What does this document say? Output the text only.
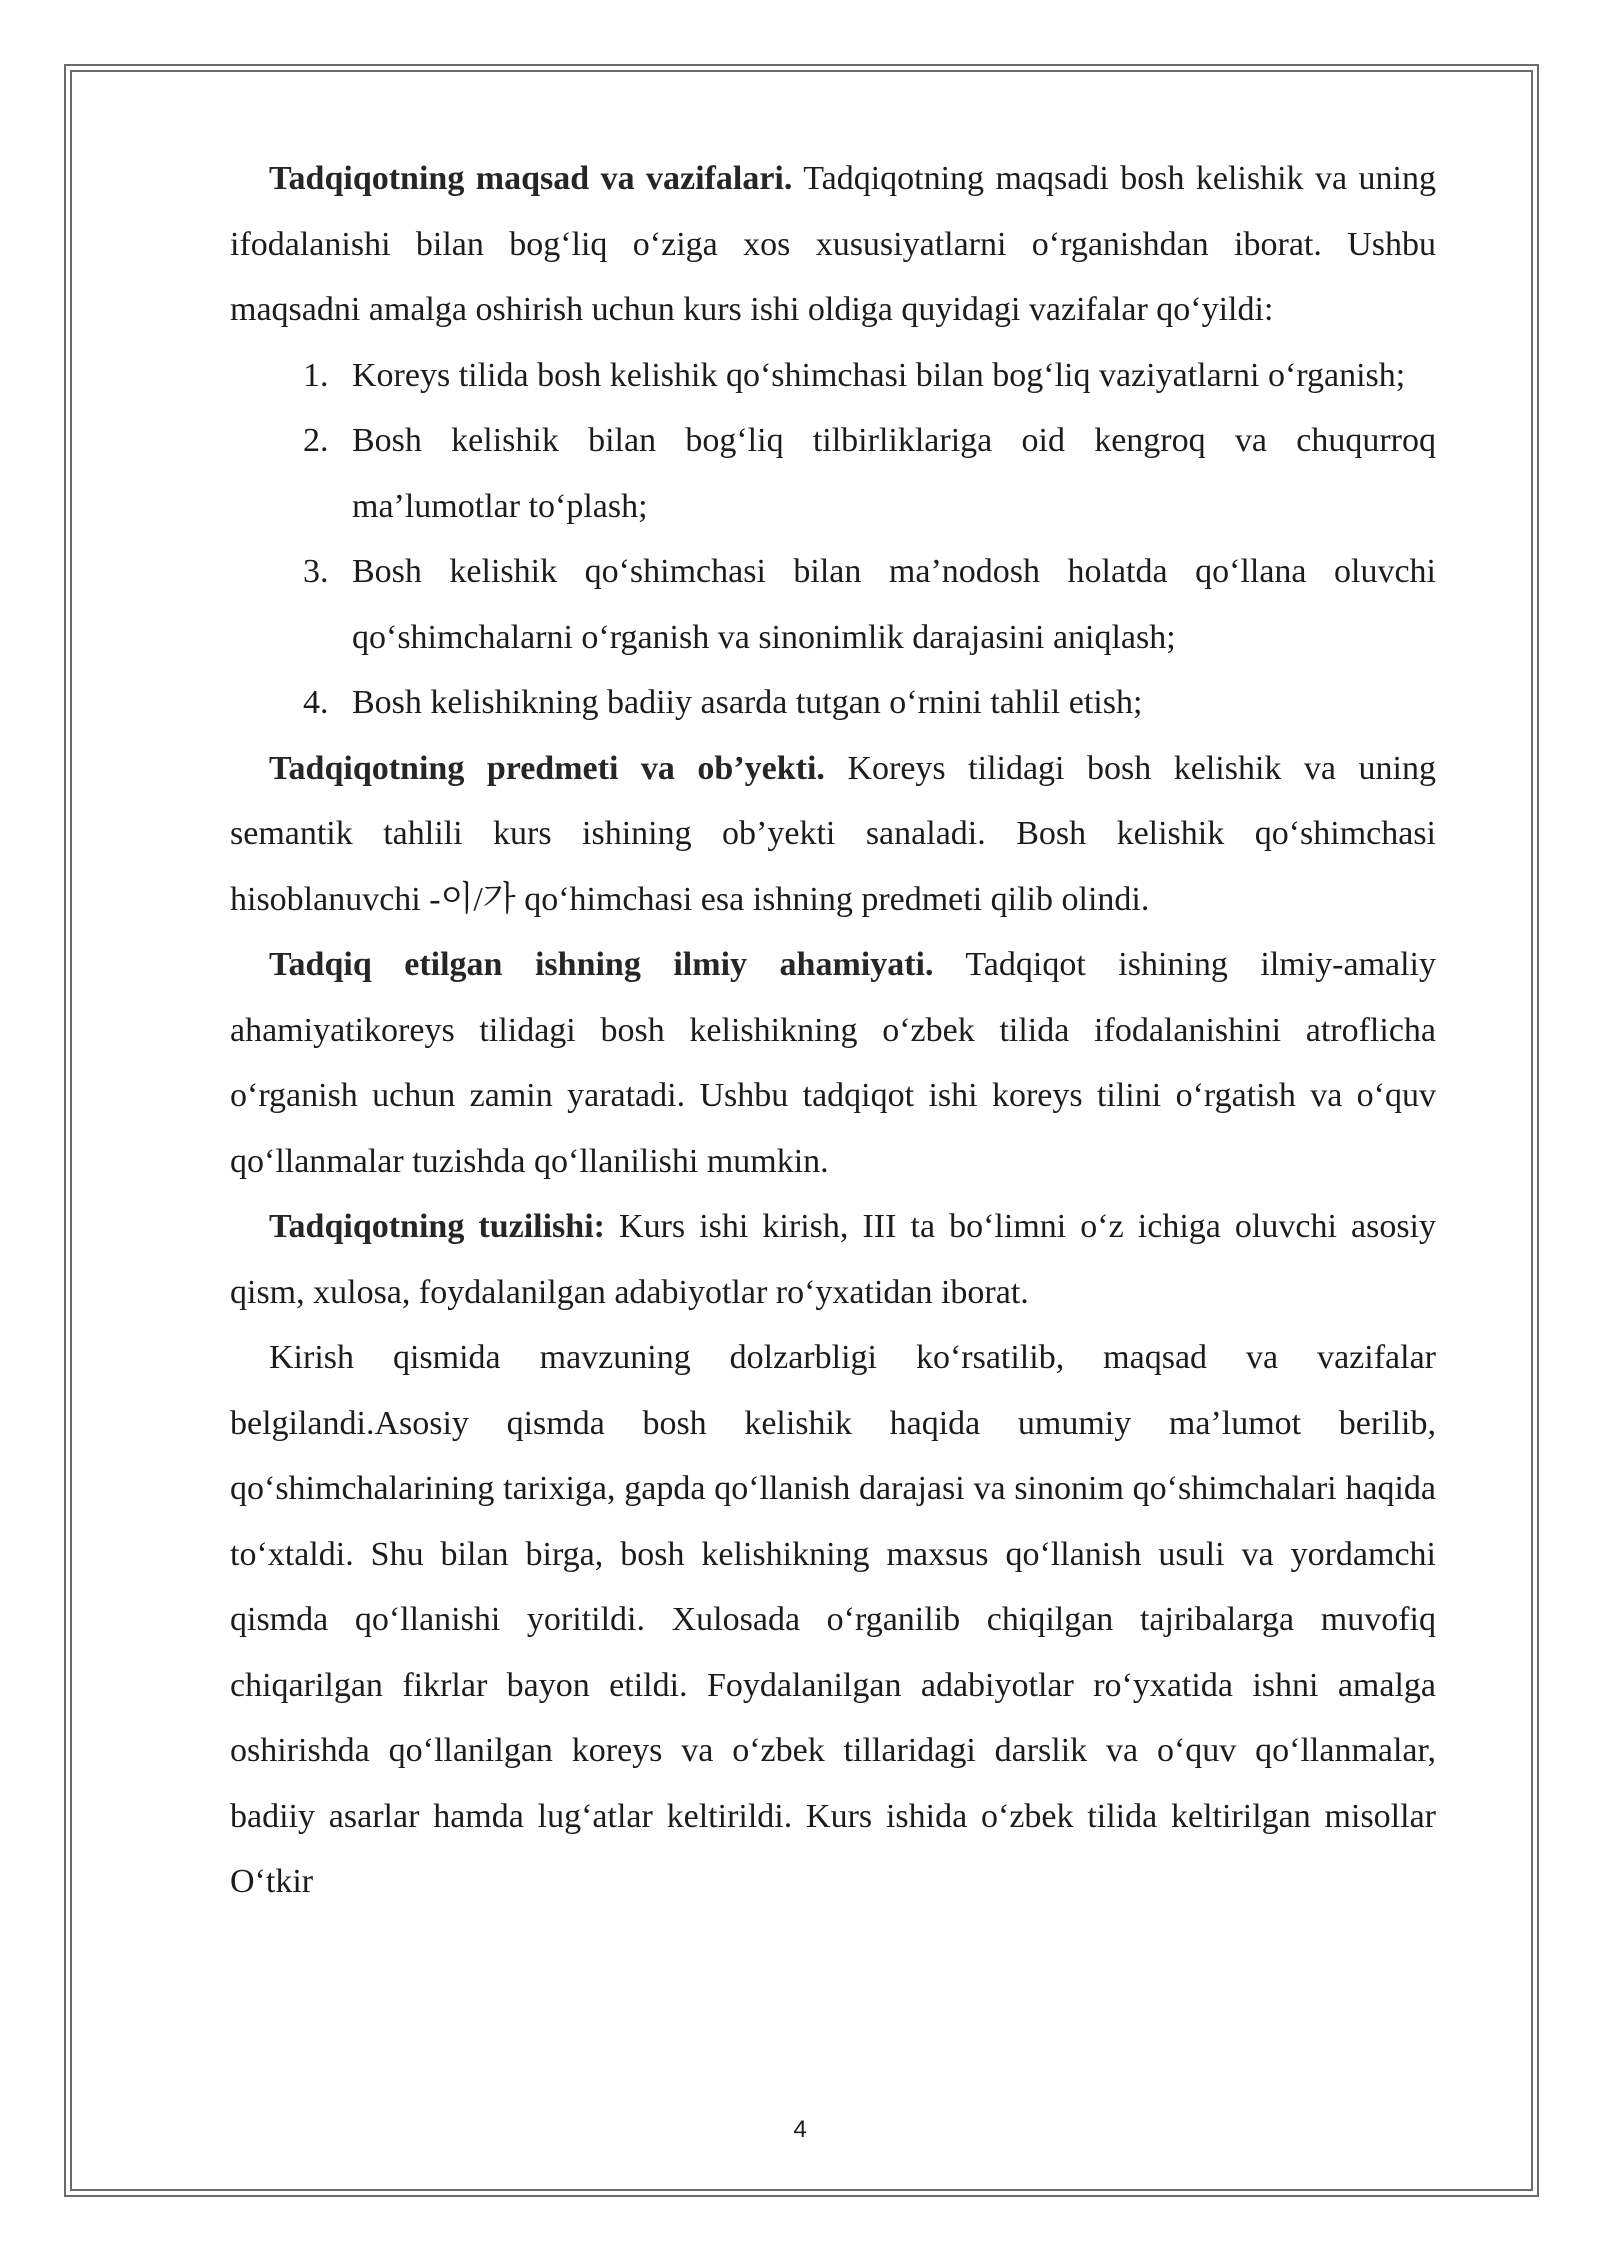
Tadqiqotning maqsad va vazifalari. Tadqiqotning maqsadi bosh kelishik va uning ifodalanishi bilan bog‘liq o‘ziga xos xususiyatlarni o‘rganishdan iborat. Ushbu maqsadni amalga oshirish uchun kurs ishi oldiga quyidagi vazifalar qo‘yildi:

1. Koreys tilida bosh kelishik qo‘shimchasi bilan bog‘liq vaziyatlarni o‘rganish;
2. Bosh kelishik bilan bog‘liq tilbirliklariga oid kengroq va chuqurroq ma’lumotlar to‘plash;
3. Bosh kelishik qo‘shimchasi bilan ma’nodosh holatda qo‘llana oluvchi qo‘shimchalarni o‘rganish va sinonimlik darajasini aniqlash;
4. Bosh kelishikning badiiy asarda tutgan o‘rnini tahlil etish;

Tadqiqotning predmeti va ob’yekti. Koreys tilidagi bosh kelishik va uning semantik tahlili kurs ishining ob’yekti sanaladi. Bosh kelishik qo‘shimchasi hisoblanuvchi -이/가 qo‘himchasi esa ishning predmeti qilib olindi.

Tadqiq etilgan ishning ilmiy ahamiyati. Tadqiqot ishining ilmiy-amaliy ahamiyatikoreys tilidagi bosh kelishikning o‘zbek tilida ifodalanishini atroflicha o‘rganish uchun zamin yaratadi. Ushbu tadqiqot ishi koreys tilini o‘rgatish va o‘quv qo‘llanmalar tuzishda qo‘llanilishi mumkin.

Tadqiqotning tuzilishi: Kurs ishi kirish, III ta bo‘limni o‘z ichiga oluvchi asosiy qism, xulosa, foydalanilgan adabiyotlar ro‘yxatidan iborat.

Kirish qismida mavzuning dolzarbligi ko‘rsatilib, maqsad va vazifalar belgilandi.Asosiy qismda bosh kelishik haqida umumiy ma’lumot berilib, qo‘shimchalarining tarixiga, gapda qo‘llanish darajasi va sinonim qo‘shimchalari haqida to‘xtaldi. Shu bilan birga, bosh kelishikning maxsus qo‘llanish usuli va yordamchi qismda qo‘llanishi yoritildi. Xulosada o‘rganilib chiqilgan tajribalarga muvofiq chiqarilgan fikrlar bayon etildi. Foydalanilgan adabiyotlar ro‘yxatida ishni amalga oshirishda qo‘llanilgan koreys va o‘zbek tillaridagi darslik va o‘quv qo‘llanmalar, badiiy asarlar hamda lug‘atlar keltirildi. Kurs ishida o‘zbek tilida keltirilgan misollar O‘tkir

4
